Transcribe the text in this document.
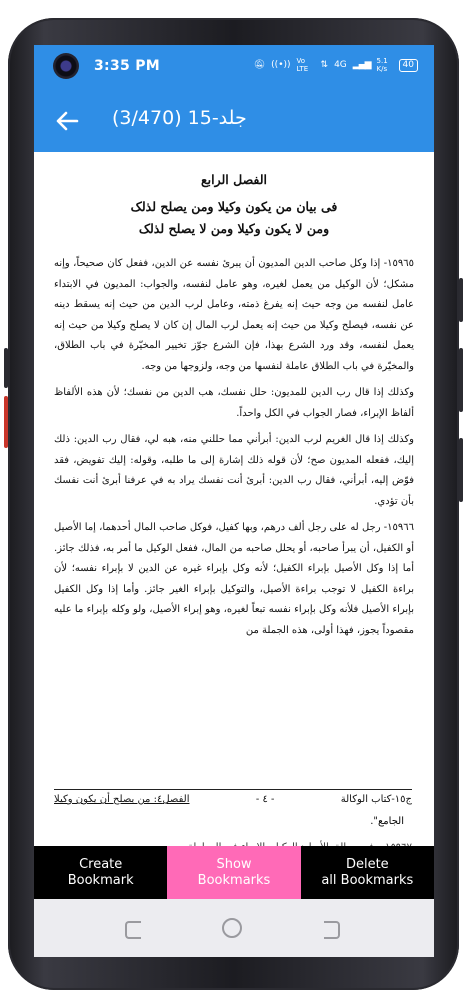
3:35 PM	🔕︎ ((•)) Vo LTE	⇅ 4G ▂▄▆ 5.1 K/s	40
جلد-15 (3/470)
الفصل الرابع
فی بیان من یکون وکیلا ومن یصلح لذلک
ومن لا یکون وکیلا ومن لا یصلح لذلک
١٥٩٦٥- إذا وكل صاحب الدين المديون أن يبرئ نفسه عن الدين، ففعل كان صحيحاً، وإنه مشكل؛ لأن الوكيل من يعمل لغيره، وهو عامل لنفسه، والجواب: المديون في الابتداء عامل لنفسه من وجه حيث إنه يفرغ ذمته، وعامل لرب الدين من حيث إنه يسقط دينه عن نفسه، فيصلح وكيلا من حيث إنه يعمل لرب المال إن كان لا يصلح وكيلا من حيث إنه يعمل لنفسه، وقد ورد الشرع بهذا، فإن الشرع جوّز تخيير المخيّرة في باب الطلاق، والمخيّرة في باب الطلاق عاملة لنفسها من وجه، ولزوجها من وجه.
وكذلك إذا قال رب الدين للمديون: حلل نفسك، هب الدين من نفسك؛ لأن هذه الألفاظ ألفاظ الإبراء، فصار الجواب في الكل واحداً.
وكذلك إذا قال الغريم لرب الدين: أبرأني مما حللني منه، هبه لي، فقال رب الدين: ذلك إليك، ففعله المديون صح؛ لأن قوله ذلك إشارة إلى ما طلبه، وقوله: إليك تفويض، فقد فوّض إليه، أبرأني، فقال رب الدين: أبرئ أنت نفسك يراد به في عرفنا أبرئ أنت نفسك بأن تؤدي.
١٥٩٦٦- رجل له على رجل ألف درهم، وبها كفيل، فوكل صاحب المال أحدهما، إما الأصيل أو الكفيل، أن يبرأ صاحبه، أو يحلل صاحبه من المال، ففعل الوكيل ما أمر به، فذلك جائز. أما إذا وكل الأصيل بإبراء الكفيل؛ لأنه وكل بإبراء غيره عن الدين لا بإبراء نفسه؛ لأن براءة الكفيل لا توجب براءة الأصيل، والتوكيل بإبراء الغير جائز. وأما إذا وكل الكفيل بإبراء الأصيل فلأنه وكل بإبراء نفسه تبعاً لغيره، وهو إبراء الأصيل، ولو وكله بإبراء ما عليه مقصوداً يجوز، فهذا أولى، هذه الجملة من
ج١٥-كتاب الوكالة
- ٤ -
الفصل٤: من يصلح أن يكون وكيلا
الجامع".
Create
Bookmark
Show
Bookmarks
Delete
all Bookmarks
